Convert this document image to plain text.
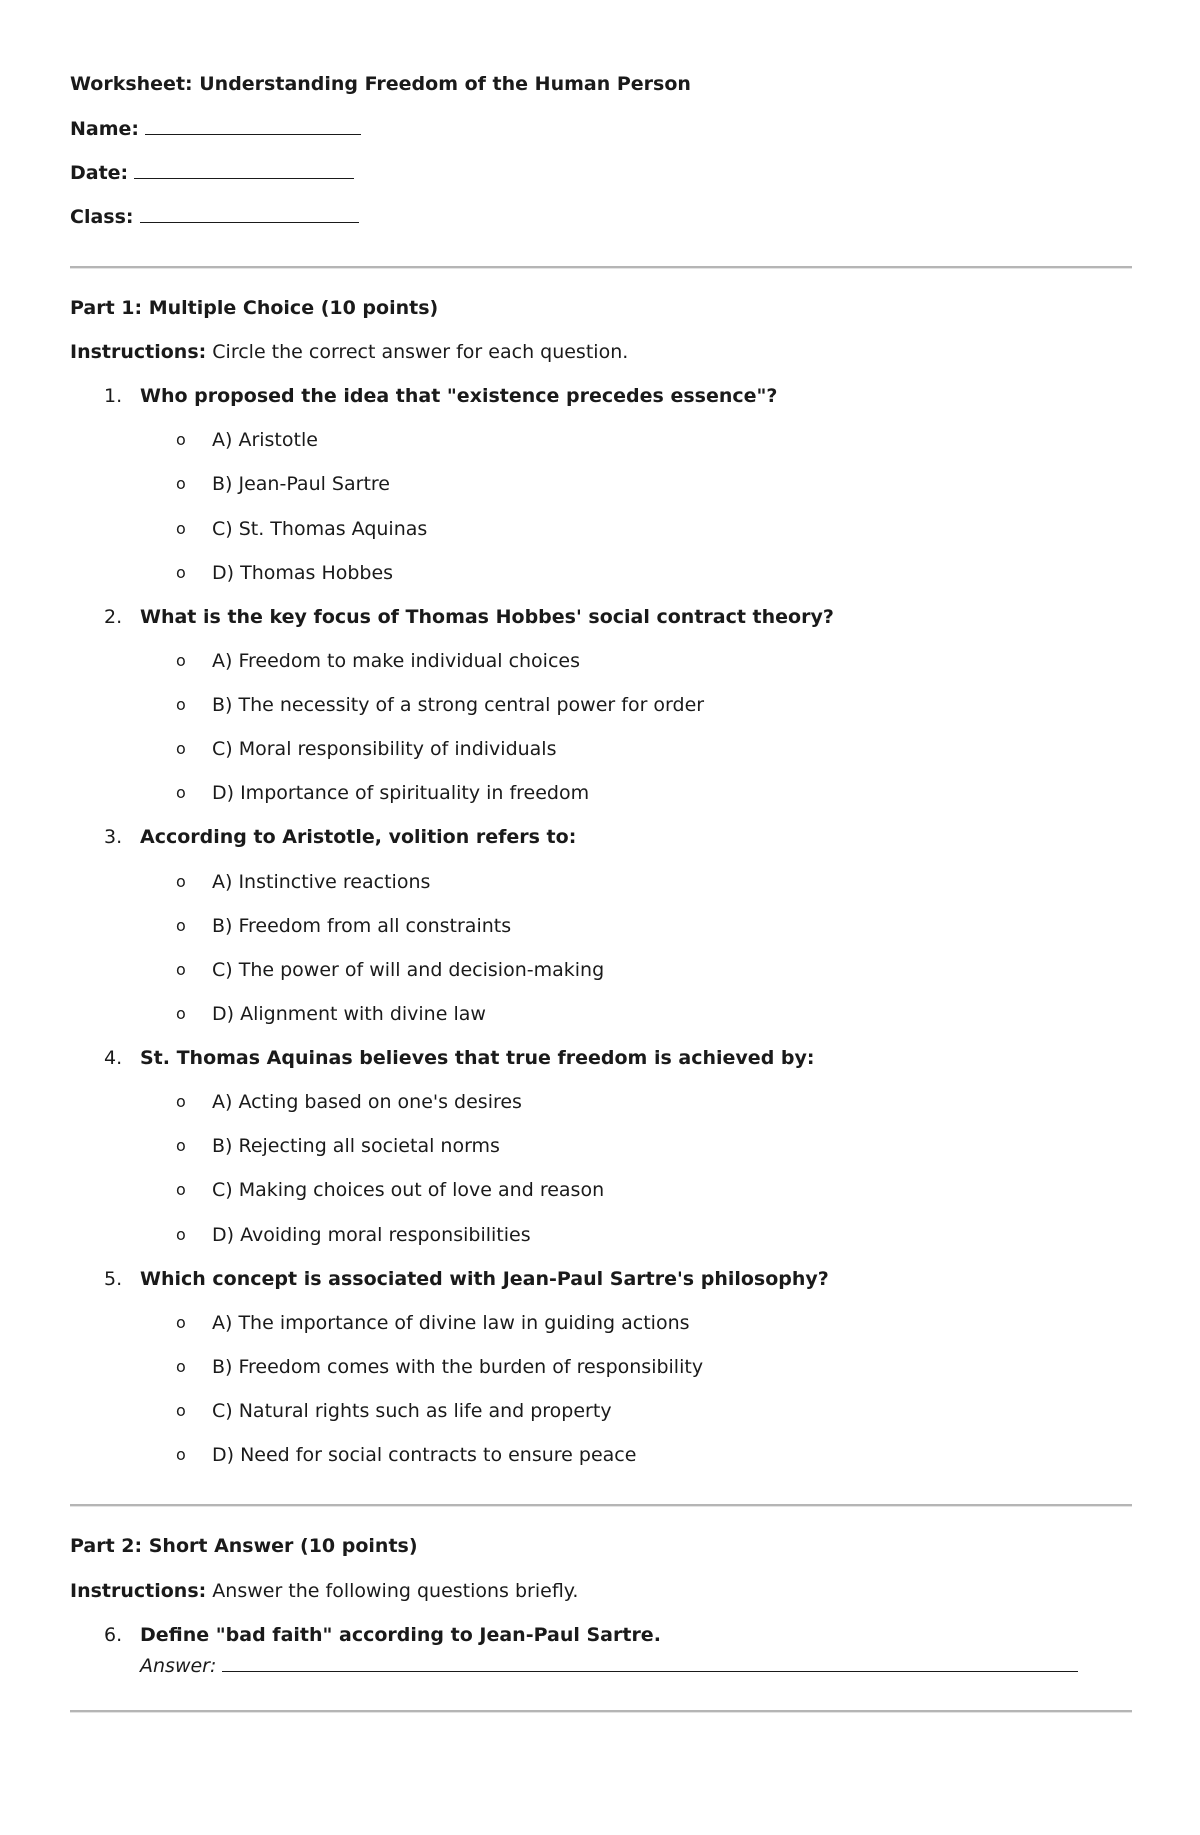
Worksheet: Understanding Freedom of the Human Person
Name:
Date:
Class:
Part 1: Multiple Choice (10 points)
Instructions: Circle the correct answer for each question.
1. Who proposed the idea that "existence precedes essence"?
o A) Aristotle
o B) Jean-Paul Sartre
o C) St. Thomas Aquinas
o D) Thomas Hobbes
2. What is the key focus of Thomas Hobbes' social contract theory?
o A) Freedom to make individual choices
o B) The necessity of a strong central power for order
o C) Moral responsibility of individuals
o D) Importance of spirituality in freedom
3. According to Aristotle, volition refers to:
o A) Instinctive reactions
o B) Freedom from all constraints
o C) The power of will and decision-making
o D) Alignment with divine law
4. St. Thomas Aquinas believes that true freedom is achieved by:
o A) Acting based on one's desires
o B) Rejecting all societal norms
o C) Making choices out of love and reason
o D) Avoiding moral responsibilities
5. Which concept is associated with Jean-Paul Sartre's philosophy?
o A) The importance of divine law in guiding actions
o B) Freedom comes with the burden of responsibility
o C) Natural rights such as life and property
o D) Need for social contracts to ensure peace
Part 2: Short Answer (10 points)
Instructions: Answer the following questions briefly.
6. Define "bad faith" according to Jean-Paul Sartre.
Answer:
